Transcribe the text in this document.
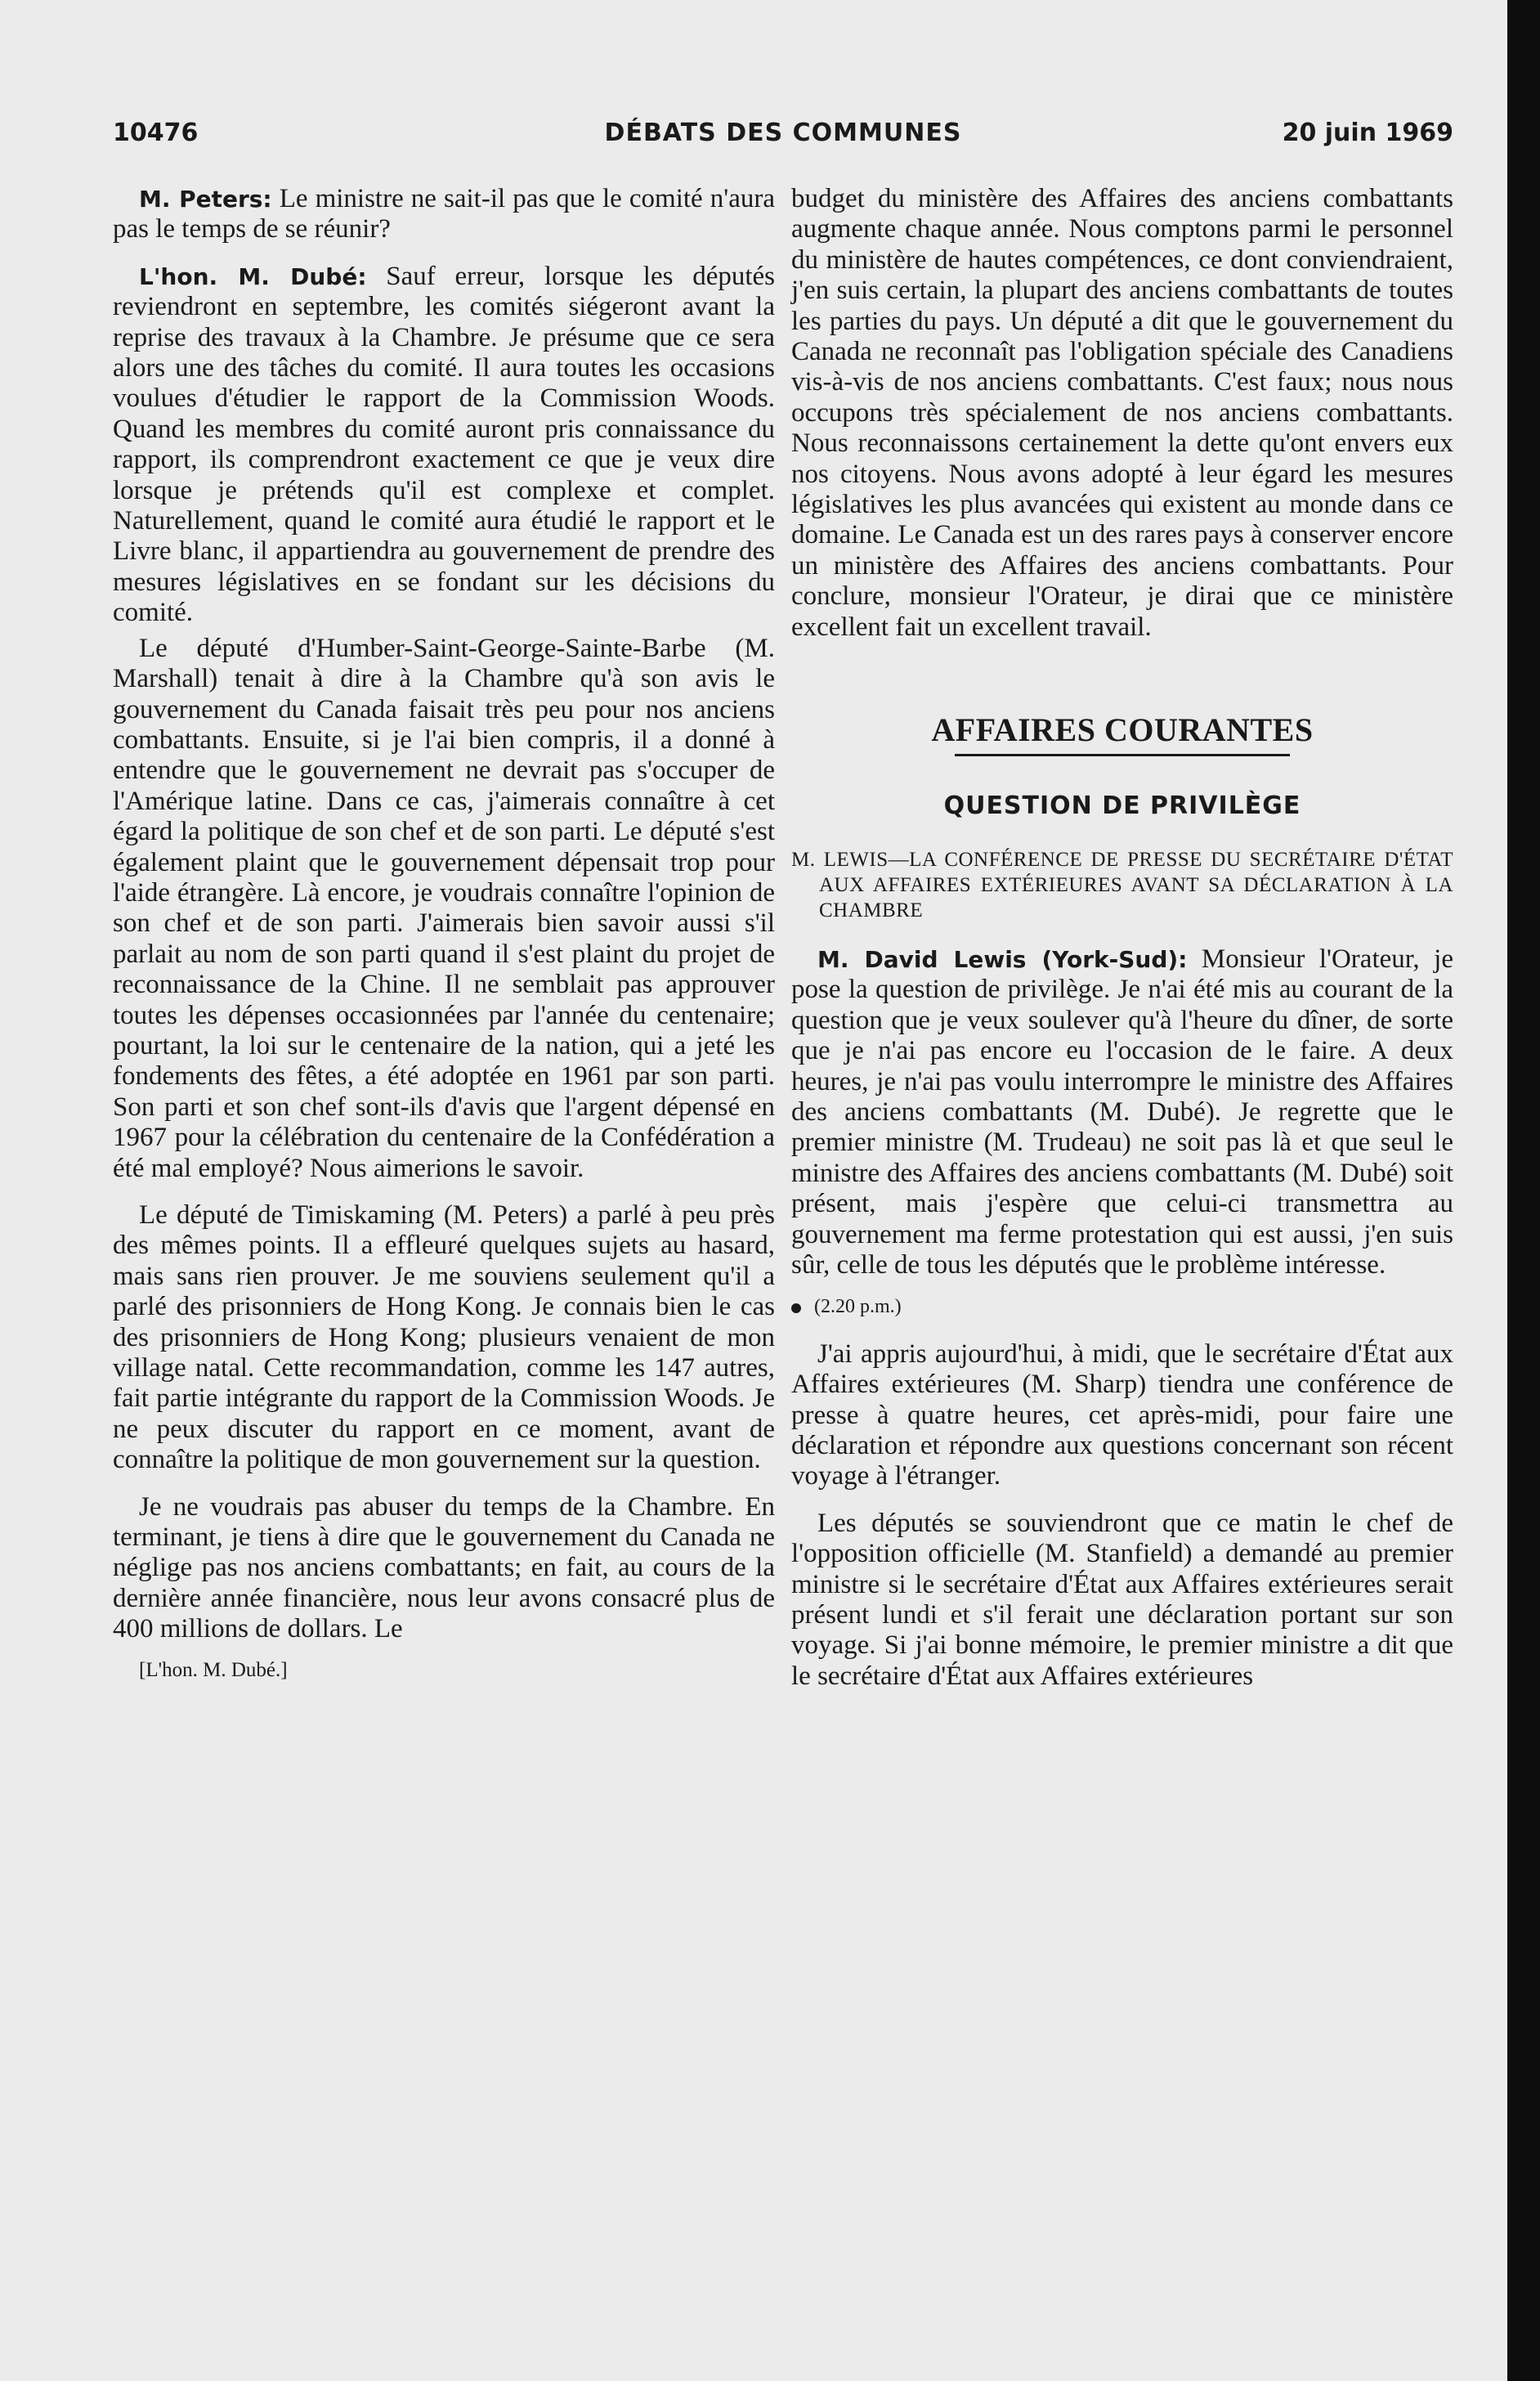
10476	DÉBATS DES COMMUNES	20 juin 1969

M. Peters: Le ministre ne sait-il pas que le comité n'aura pas le temps de se réunir?

L'hon. M. Dubé: Sauf erreur, lorsque les députés reviendront en septembre, les comités siégeront avant la reprise des travaux à la Chambre. Je présume que ce sera alors une des tâches du comité. Il aura toutes les occasions voulues d'étudier le rapport de la Commission Woods. Quand les membres du comité auront pris connaissance du rapport, ils comprendront exactement ce que je veux dire lorsque je prétends qu'il est complexe et complet. Naturellement, quand le comité aura étudié le rapport et le Livre blanc, il appartiendra au gouvernement de prendre des mesures législatives en se fondant sur les décisions du comité.

Le député d'Humber-Saint-George-Sainte-Barbe (M. Marshall) tenait à dire à la Chambre qu'à son avis le gouvernement du Canada faisait très peu pour nos anciens combattants. Ensuite, si je l'ai bien compris, il a donné à entendre que le gouvernement ne devrait pas s'occuper de l'Amérique latine. Dans ce cas, j'aimerais connaître à cet égard la politique de son chef et de son parti. Le député s'est également plaint que le gouvernement dépensait trop pour l'aide étrangère. Là encore, je voudrais connaître l'opinion de son chef et de son parti. J'aimerais bien savoir aussi s'il parlait au nom de son parti quand il s'est plaint du projet de reconnaissance de la Chine. Il ne semblait pas approuver toutes les dépenses occasionnées par l'année du centenaire; pourtant, la loi sur le centenaire de la nation, qui a jeté les fondements des fêtes, a été adoptée en 1961 par son parti. Son parti et son chef sont-ils d'avis que l'argent dépensé en 1967 pour la célébration du centenaire de la Confédération a été mal employé? Nous aimerions le savoir.

Le député de Timiskaming (M. Peters) a parlé à peu près des mêmes points. Il a effleuré quelques sujets au hasard, mais sans rien prouver. Je me souviens seulement qu'il a parlé des prisonniers de Hong Kong. Je connais bien le cas des prisonniers de Hong Kong; plusieurs venaient de mon village natal. Cette recommandation, comme les 147 autres, fait partie intégrante du rapport de la Commission Woods. Je ne peux discuter du rapport en ce moment, avant de connaître la politique de mon gouvernement sur la question.

Je ne voudrais pas abuser du temps de la Chambre. En terminant, je tiens à dire que le gouvernement du Canada ne néglige pas nos anciens combattants; en fait, au cours de la dernière année financière, nous leur avons consacré plus de 400 millions de dollars. Le

[L'hon. M. Dubé.]

budget du ministère des Affaires des anciens combattants augmente chaque année. Nous comptons parmi le personnel du ministère de hautes compétences, ce dont conviendraient, j'en suis certain, la plupart des anciens combattants de toutes les parties du pays. Un député a dit que le gouvernement du Canada ne reconnaît pas l'obligation spéciale des Canadiens vis-à-vis de nos anciens combattants. C'est faux; nous nous occupons très spécialement de nos anciens combattants. Nous reconnaissons certainement la dette qu'ont envers eux nos citoyens. Nous avons adopté à leur égard les mesures législatives les plus avancées qui existent au monde dans ce domaine. Le Canada est un des rares pays à conserver encore un ministère des Affaires des anciens combattants. Pour conclure, monsieur l'Orateur, je dirai que ce ministère excellent fait un excellent travail.

AFFAIRES COURANTES
QUESTION DE PRIVILÈGE
M. LEWIS—LA CONFÉRENCE DE PRESSE DU SECRÉTAIRE D'ÉTAT AUX AFFAIRES EXTÉRIEURES AVANT SA DÉCLARATION À LA CHAMBRE

M. David Lewis (York-Sud): Monsieur l'Orateur, je pose la question de privilège. Je n'ai été mis au courant de la question que je veux soulever qu'à l'heure du dîner, de sorte que je n'ai pas encore eu l'occasion de le faire. A deux heures, je n'ai pas voulu interrompre le ministre des Affaires des anciens combattants (M. Dubé). Je regrette que le premier ministre (M. Trudeau) ne soit pas là et que seul le ministre des Affaires des anciens combattants (M. Dubé) soit présent, mais j'espère que celui-ci transmettra au gouvernement ma ferme protestation qui est aussi, j'en suis sûr, celle de tous les députés que le problème intéresse.

(2.20 p.m.)

J'ai appris aujourd'hui, à midi, que le secrétaire d'État aux Affaires extérieures (M. Sharp) tiendra une conférence de presse à quatre heures, cet après-midi, pour faire une déclaration et répondre aux questions concernant son récent voyage à l'étranger.

Les députés se souviendront que ce matin le chef de l'opposition officielle (M. Stanfield) a demandé au premier ministre si le secrétaire d'État aux Affaires extérieures serait présent lundi et s'il ferait une déclaration portant sur son voyage. Si j'ai bonne mémoire, le premier ministre a dit que le secrétaire d'État aux Affaires extérieures
